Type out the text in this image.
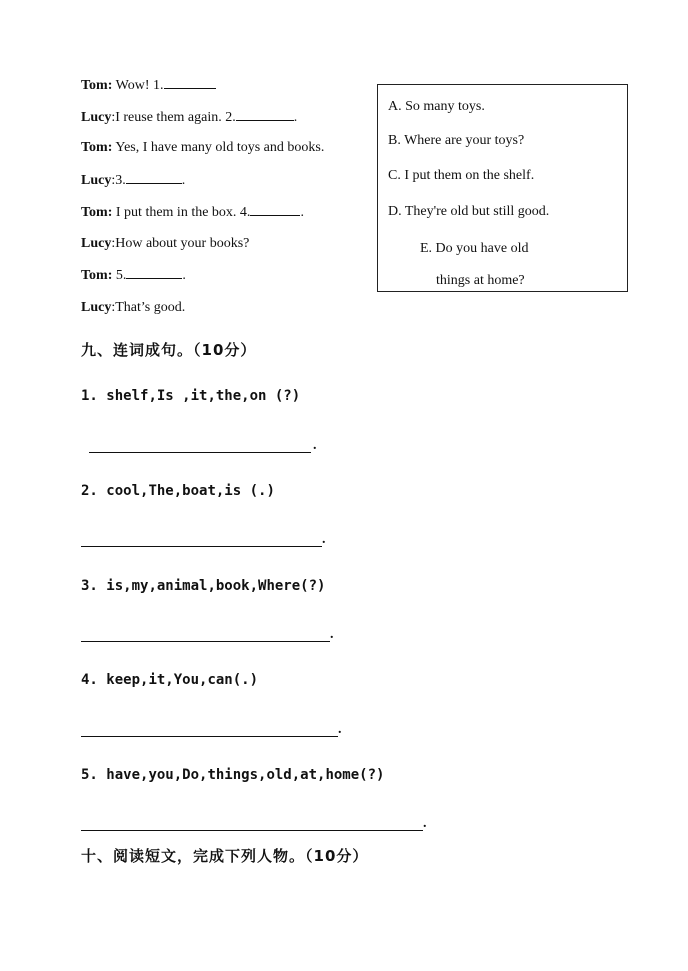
Tom: Wow! 1.
Lucy:I reuse them again. 2.	.
Tom: Yes, I have many old toys and books.
Lucy:3.	.
Tom: I put them in the box. 4.	.
Lucy:How about your books?
Tom: 5.	.
Lucy:That’s good.
A. So many toys.
B. Where are your toys?
C. I put them on the shelf.
D. They're old but still good.
E. Do you have old
things at home?
九、连词成句。（10分）
1. shelf,Is ,it,the,on (?)
.
2. cool,The,boat,is (.)
.
3. is,my,animal,book,Where(?)
.
4. keep,it,You,can(.)
.
5. have,you,Do,things,old,at,home(?)
.
十、阅读短文，完成下列人物。（10分）
